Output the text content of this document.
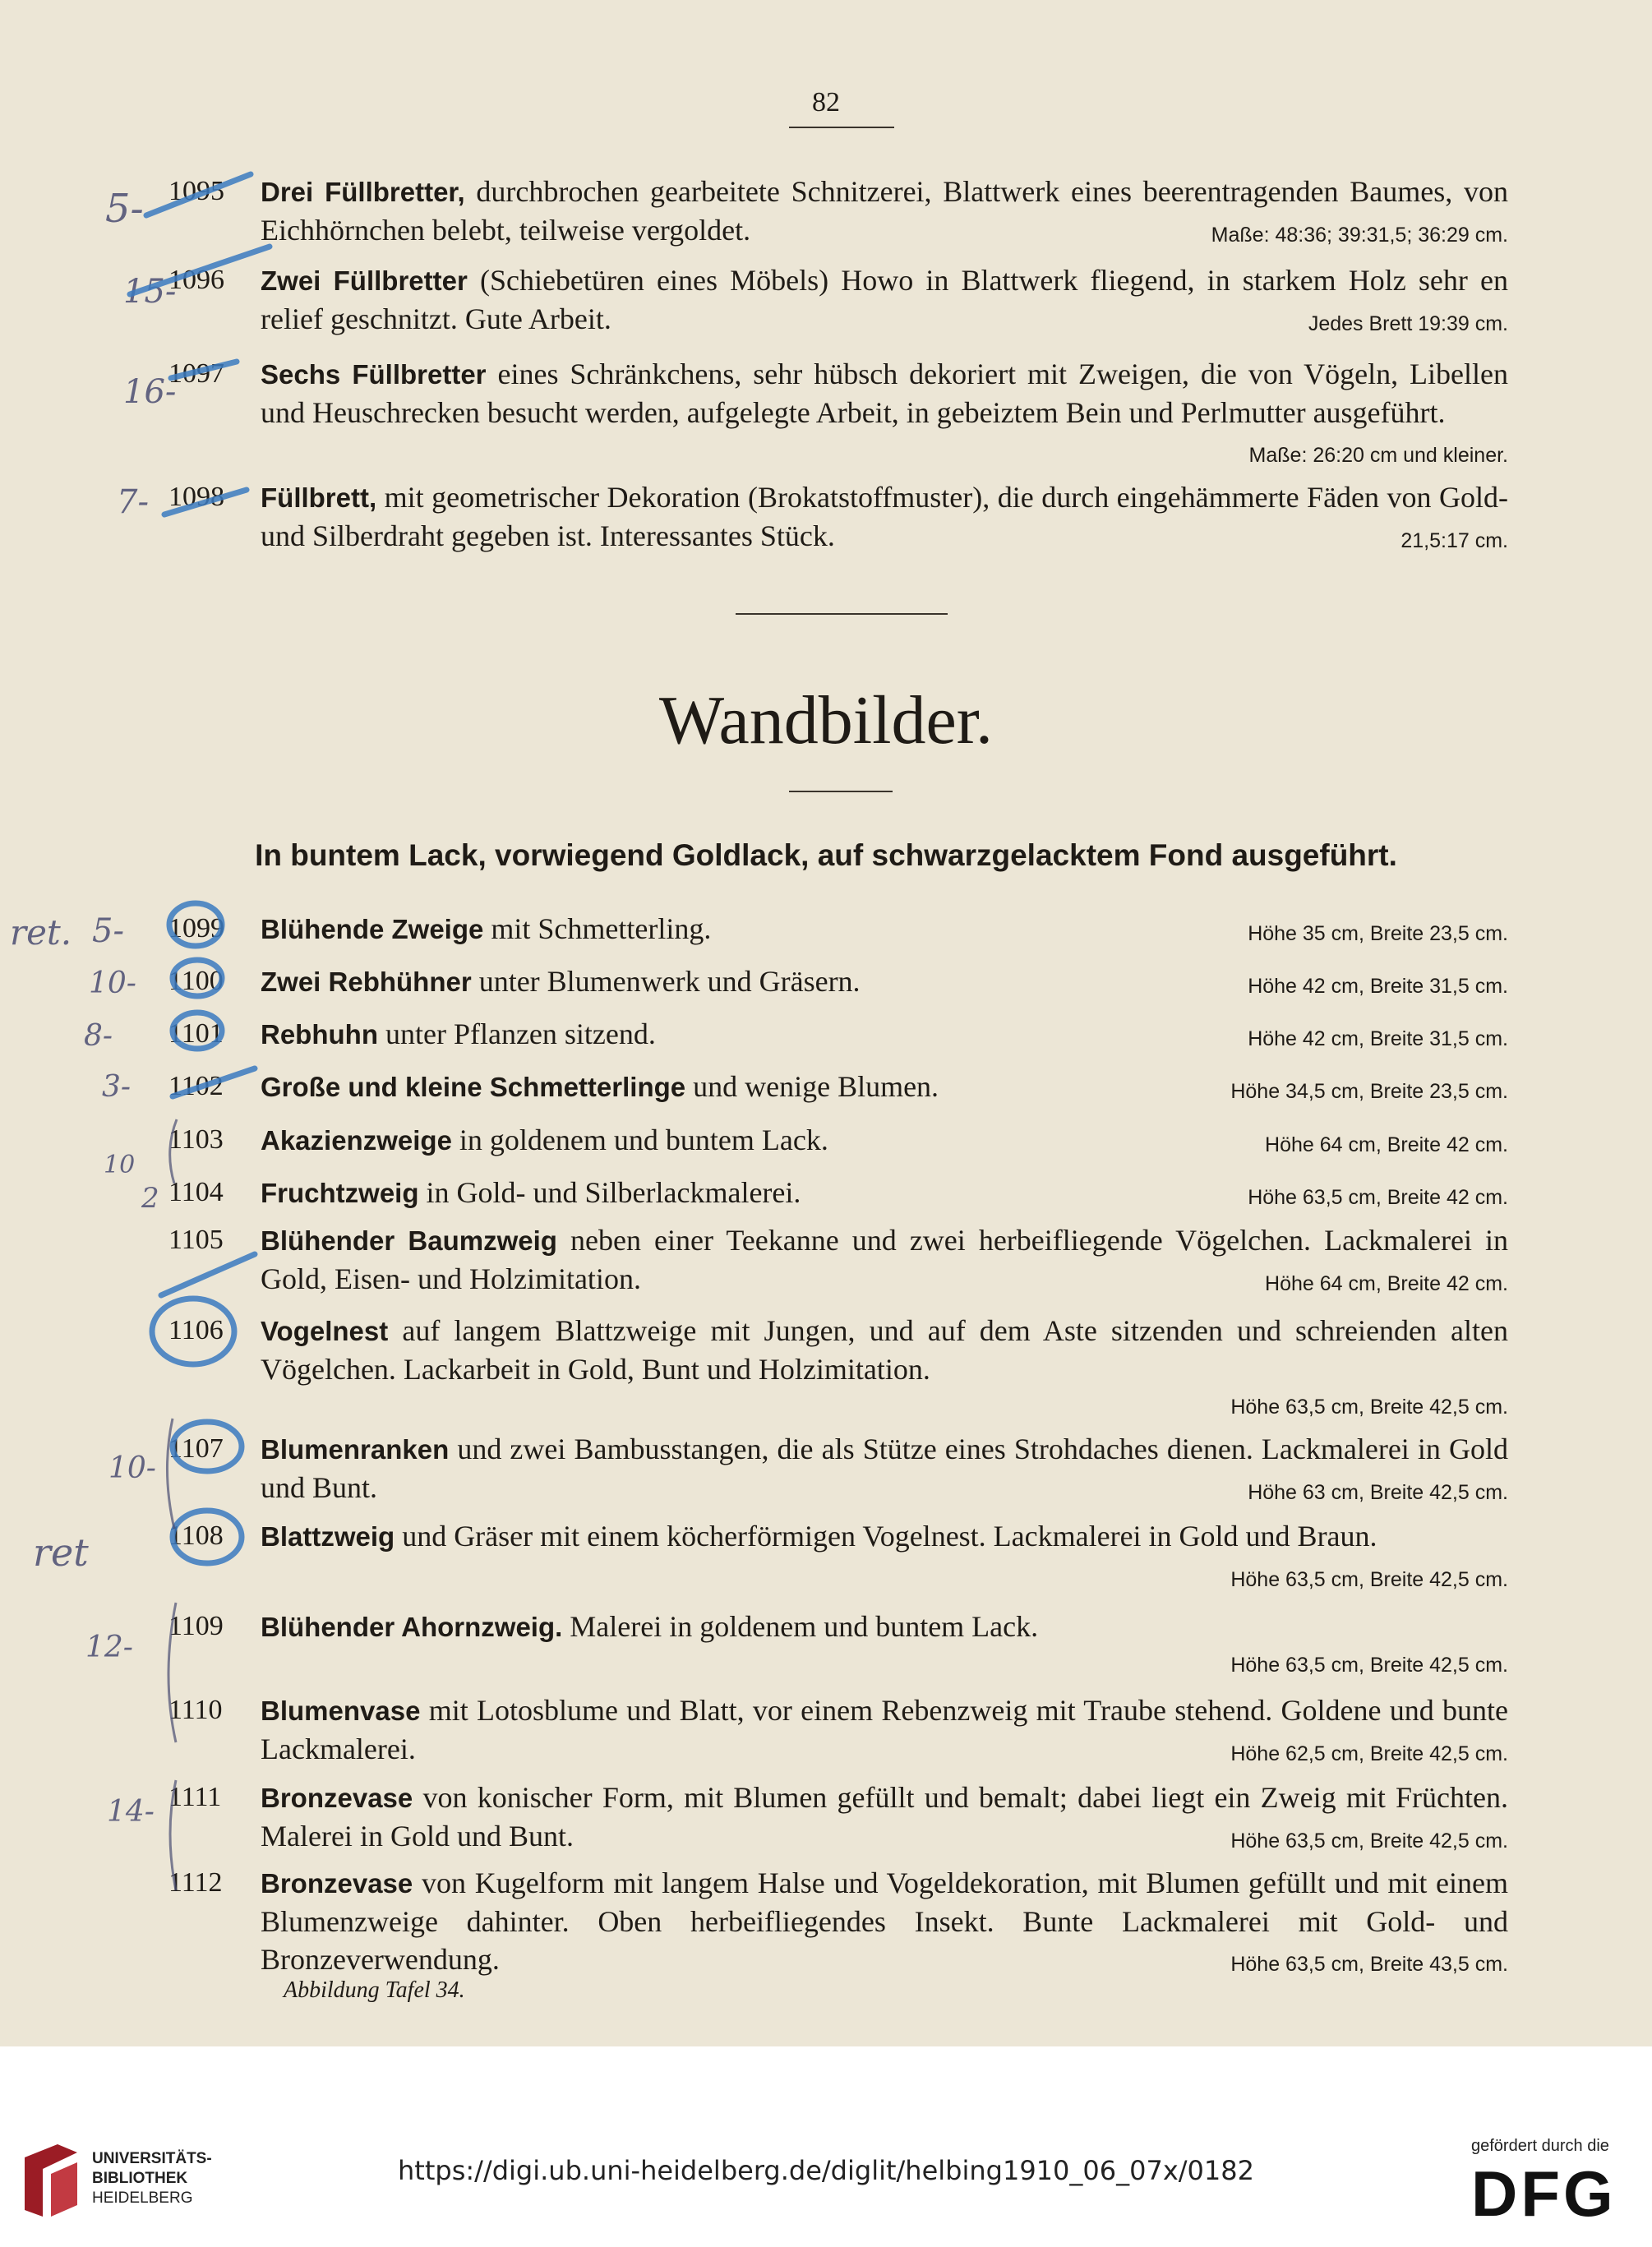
82
1095	Drei Füllbretter, durchbrochen gearbeitete Schnitzerei, Blattwerk eines beerentragenden Baumes, von Eichhörnchen belebt, teilweise vergoldet.	Maße: 48:36; 39:31,5; 36:29 cm.
1096	Zwei Füllbretter (Schiebetüren eines Möbels) Howo in Blattwerk fliegend, in starkem Holz sehr en relief geschnitzt. Gute Arbeit.	Jedes Brett 19:39 cm.
1097	Sechs Füllbretter eines Schränkchens, sehr hübsch dekoriert mit Zweigen, die von Vögeln, Libellen und Heuschrecken besucht werden, aufgelegte Arbeit, in gebeiztem Bein und Perlmutter ausgeführt.
Maße: 26:20 cm und kleiner.
1098	Füllbrett, mit geometrischer Dekoration (Brokatstoffmuster), die durch eingehämmerte Fäden von Gold- und Silberdraht gegeben ist. Interessantes Stück.	21,5:17 cm.
Wandbilder.
In buntem Lack, vorwiegend Goldlack, auf schwarzgelacktem Fond ausgeführt.
1099	Blühende Zweige mit Schmetterling.	Höhe 35 cm, Breite 23,5 cm.
1100	Zwei Rebhühner unter Blumenwerk und Gräsern.	Höhe 42 cm, Breite 31,5 cm.
1101	Rebhuhn unter Pflanzen sitzend.	Höhe 42 cm, Breite 31,5 cm.
1102	Große und kleine Schmetterlinge und wenige Blumen.	Höhe 34,5 cm, Breite 23,5 cm.
1103	Akazienzweige in goldenem und buntem Lack.	Höhe 64 cm, Breite 42 cm.
1104	Fruchtzweig in Gold- und Silberlackmalerei.	Höhe 63,5 cm, Breite 42 cm.
1105	Blühender Baumzweig neben einer Teekanne und zwei herbeifliegende Vögelchen. Lackmalerei in Gold, Eisen- und Holzimitation.	Höhe 64 cm, Breite 42 cm.
1106	Vogelnest auf langem Blattzweige mit Jungen, und auf dem Aste sitzenden und schreienden alten Vögelchen. Lackarbeit in Gold, Bunt und Holzimitation.
Höhe 63,5 cm, Breite 42,5 cm.
1107	Blumenranken und zwei Bambusstangen, die als Stütze eines Strohdaches dienen. Lackmalerei in Gold und Bunt.	Höhe 63 cm, Breite 42,5 cm.
1108	Blattzweig und Gräser mit einem köcherförmigen Vogelnest. Lackmalerei in Gold und Braun.
Höhe 63,5 cm, Breite 42,5 cm.
1109	Blühender Ahornzweig. Malerei in goldenem und buntem Lack.
Höhe 63,5 cm, Breite 42,5 cm.
1110	Blumenvase mit Lotosblume und Blatt, vor einem Rebenzweig mit Traube stehend. Goldene und bunte Lackmalerei.	Höhe 62,5 cm, Breite 42,5 cm.
1111	Bronzevase von konischer Form, mit Blumen gefüllt und bemalt; dabei liegt ein Zweig mit Früchten. Malerei in Gold und Bunt.	Höhe 63,5 cm, Breite 42,5 cm.
1112	Bronzevase von Kugelform mit langem Halse und Vogeldekoration, mit Blumen gefüllt und mit einem Blumenzweige dahinter. Oben herbeifliegendes Insekt. Bunte Lackmalerei mit Gold- und Bronzeverwendung.	Höhe 63,5 cm, Breite 43,5 cm.
Abbildung Tafel 34.
5-
15-
16-
7-
ret. 5-
10-
8-
3-
10
2
10-
ret
12-
14-
UNIVERSITÄTS-
BIBLIOTHEK
HEIDELBERG
https://digi.ub.uni-heidelberg.de/diglit/helbing1910_06_07x/0182
gefördert durch die
DFG
